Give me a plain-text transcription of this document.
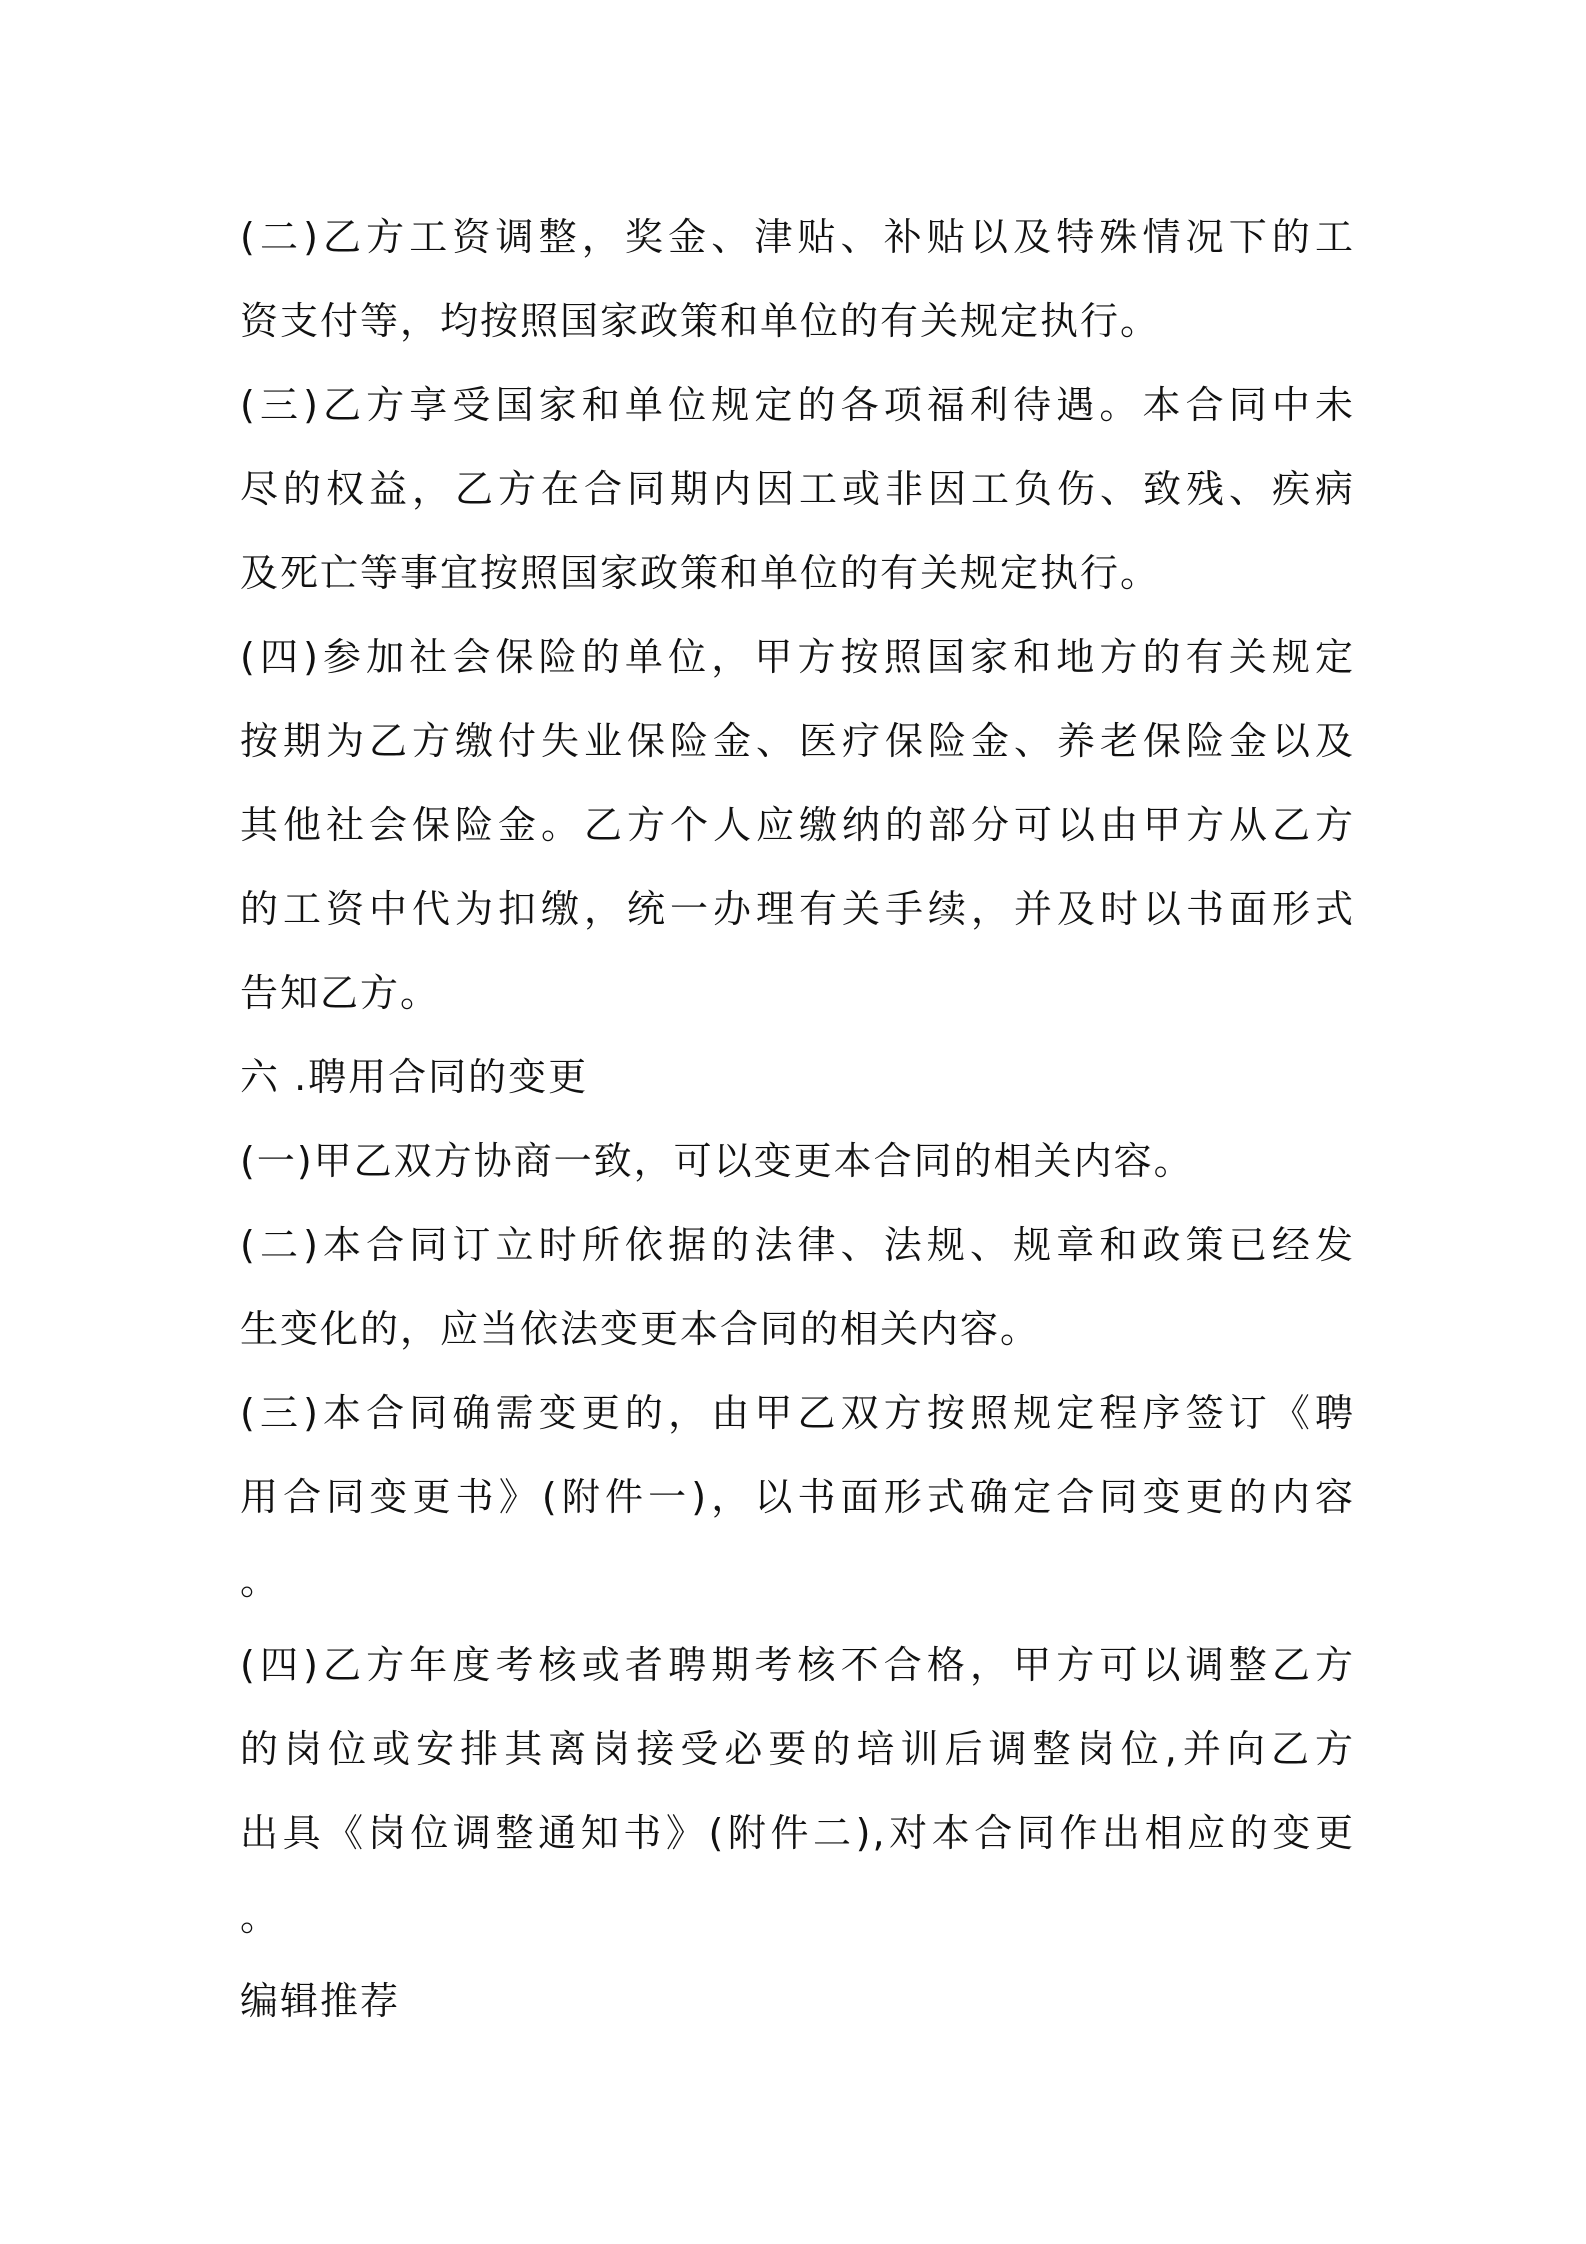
(二)乙方工资调整，奖金、津贴、补贴以及特殊情况下的工
资支付等，均按照国家政策和单位的有关规定执行。
(三)乙方享受国家和单位规定的各项福利待遇。本合同中未
尽的权益，乙方在合同期内因工或非因工负伤、致残、疾病
及死亡等事宜按照国家政策和单位的有关规定执行。
(四)参加社会保险的单位，甲方按照国家和地方的有关规定
按期为乙方缴付失业保险金、医疗保险金、养老保险金以及
其他社会保险金。乙方个人应缴纳的部分可以由甲方从乙方
的工资中代为扣缴，统一办理有关手续，并及时以书面形式
告知乙方。
六 .聘用合同的变更
(一)甲乙双方协商一致，可以变更本合同的相关内容。
(二)本合同订立时所依据的法律、法规、规章和政策已经发
生变化的，应当依法变更本合同的相关内容。
(三)本合同确需变更的，由甲乙双方按照规定程序签订《聘
用合同变更书》(附件一)，以书面形式确定合同变更的内容
。
(四)乙方年度考核或者聘期考核不合格，甲方可以调整乙方
的岗位或安排其离岗接受必要的培训后调整岗位,并向乙方
出具《岗位调整通知书》(附件二),对本合同作出相应的变更
。
编辑推荐
